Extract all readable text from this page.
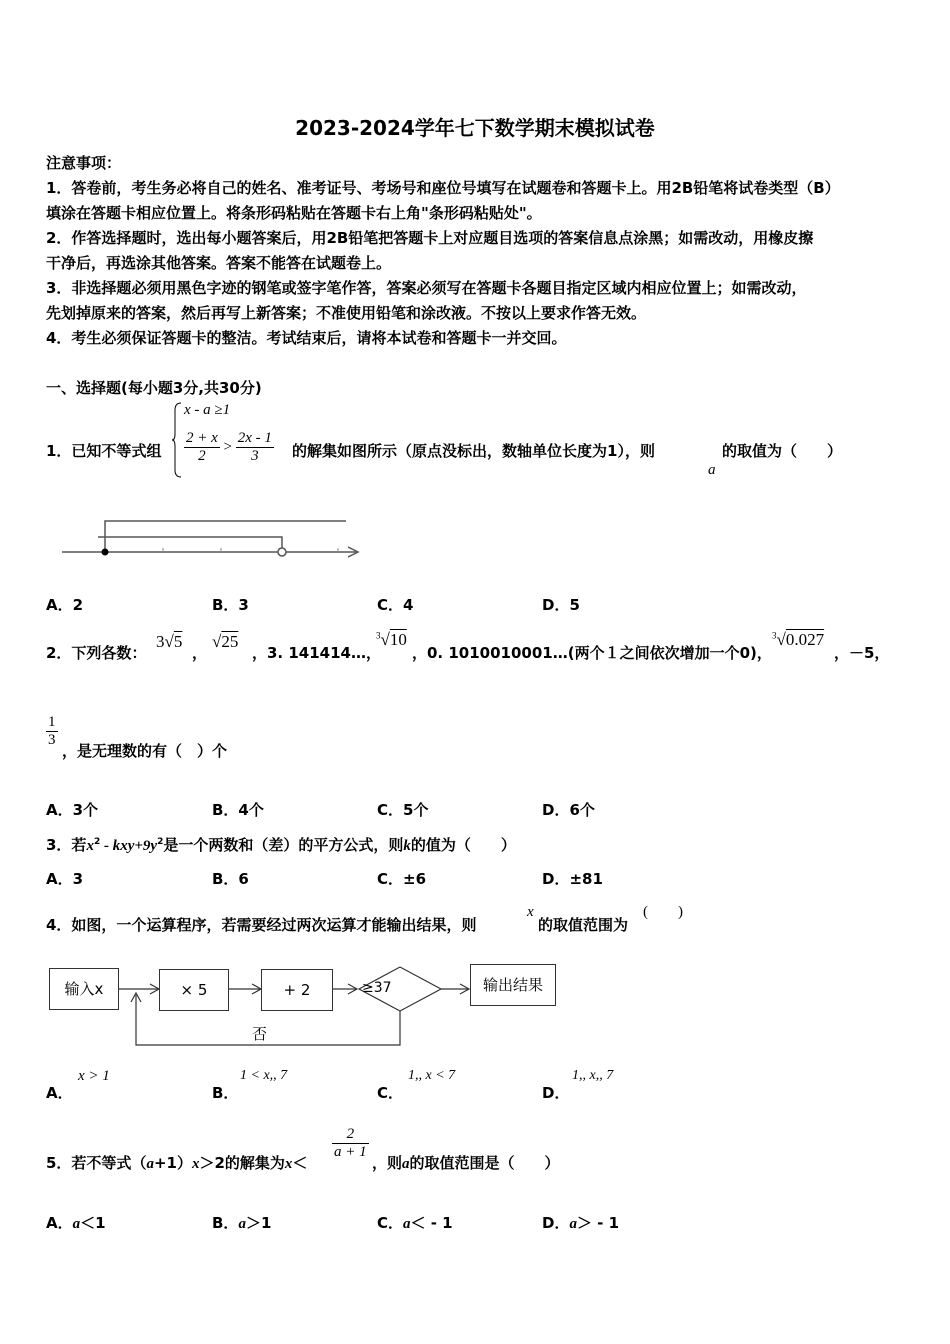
2023-2024学年七下数学期末模拟试卷

注意事项：

1．答卷前，考生务必将自己的姓名、准考证号、考场号和座位号填写在试题卷和答题卡上。用2B铅笔将试卷类型（B）

填涂在答题卡相应位置上。将条形码粘贴在答题卡右上角"条形码粘贴处"。

2．作答选择题时，选出每小题答案后，用2B铅笔把答题卡上对应题目选项的答案信息点涂黑；如需改动，用橡皮擦

干净后，再选涂其他答案。答案不能答在试题卷上。

3．非选择题必须用黑色字迹的钢笔或签字笔作答，答案必须写在答题卡各题目指定区域内相应位置上；如需改动，

先划掉原来的答案，然后再写上新答案；不准使用铅笔和涂改液。不按以上要求作答无效。

4．考生必须保证答题卡的整洁。考试结束后，请将本试卷和答题卡一并交回。

一、选择题(每小题3分,共30分)
1．已知不等式组
x - a ≥1
$\frac{2 + x}{2} > \frac{2x - 1}{3}$ 的解集如图所示（原点没标出，数轴单位长度为1），则
a
的取值为（　　）
A．2	B．3	C．4	D．5
2．下列各数：
3√5
，
√25
，3. 141414…，
$^3$√10
，0. 1010010001…(两个１之间依次增加一个0)，
$^3$√0.027
，－5，
$\frac{1}{3}$
，是无理数的有（　）个
A．3个	B．4个	C．5个	D．6个
3．若$x^2 - kxy+9y^2$是一个两数和（差）的平方公式，则k的值为（　　）
A．3	B．6	C．±6	D．±81
4．如图，一个运算程序，若需要经过两次运算才能输出结果，则
x
的取值范围为
(　　)
输入x	× 5	+ 2	≥37	输出结果
否
A．
x > 1
B．
1 < x,, 7
C．
1,, x < 7
D．
1,, x,, 7
5．若不等式（a+1）x＞2的解集为x＜
$\frac{2}{a + 1}$
，则a的取值范围是（　　）
A．a＜1	B．a＞1	C．a＜ - 1	D．a＞ - 1
